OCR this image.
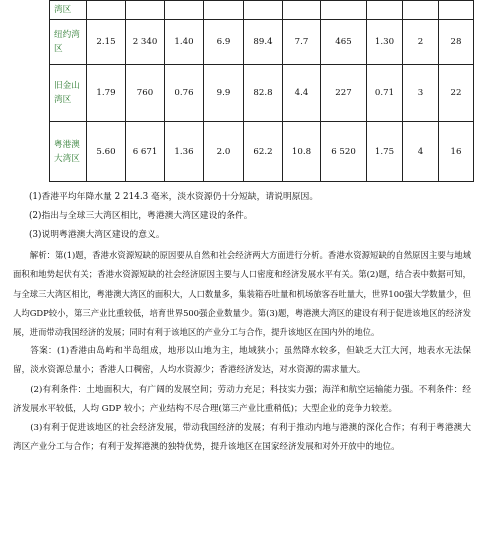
湾区										
纽约湾区	2.15	2 340	1.40	6.9	89.4	7.7	465	1.30	2	28
旧金山湾区	1.79	760	0.76	9.9	82.8	4.4	227	0.71	3	22
粤港澳大湾区	5.60	6 671	1.36	2.0	62.2	10.8	6 520	1.75	4	16

(1)香港平均年降水量 2 214.3 毫米，淡水资源仍十分短缺，请说明原因。

(2)指出与全球三大湾区相比，粤港澳大湾区建设的条件。

(3)说明粤港澳大湾区建设的意义。

解析：第(1)题，香港水资源短缺的原因要从自然和社会经济两大方面进行分析。香港水资源短缺的自然原因主要与地域面积和地势起伏有关；香港水资源短缺的社会经济原因主要与人口密度和经济发展水平有关。第(2)题，结合表中数据可知，与全球三大湾区相比，粤港澳大湾区的面积大，人口数量多，集装箱吞吐量和机场旅客吞吐量大，世界100强大学数量少，但人均GDP较小，第三产业比重较低，培育世界500强企业数量少。第(3)题，粤港澳大湾区的建设有利于促进该地区的经济发展，进而带动我国经济的发展；同时有利于该地区的产业分工与合作，提升该地区在国内外的地位。

答案：(1)香港由岛屿和半岛组成，地形以山地为主，地域狭小；虽然降水较多，但缺乏大江大河，地表水无法保留，淡水资源总量小；香港人口稠密，人均水资源少；香港经济发达，对水资源的需求量大。

(2)有利条件：土地面积大，有广阔的发展空间；劳动力充足；科技实力强；海洋和航空运输能力强。不利条件：经济发展水平较低，人均 GDP 较小；产业结构不尽合理(第三产业比重稍低)；大型企业的竞争力较差。

(3)有利于促进该地区的社会经济发展，带动我国经济的发展；有利于推动内地与港澳的深化合作；有利于粤港澳大湾区产业分工与合作；有利于发挥港澳的独特优势，提升该地区在国家经济发展和对外开放中的地位。
